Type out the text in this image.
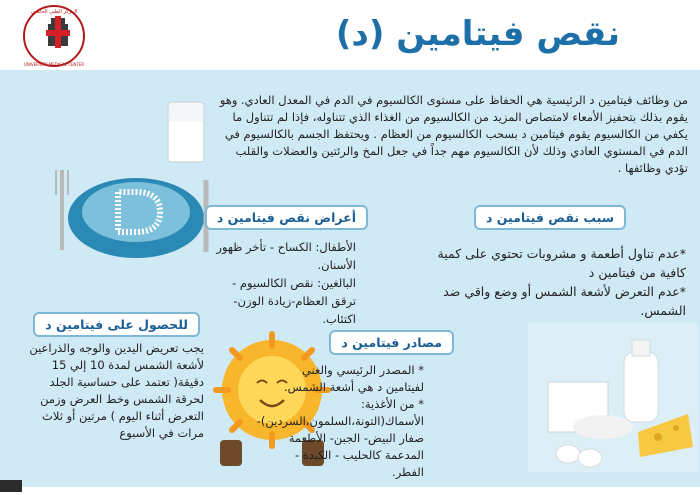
المركز الطبي الجامعي
UNIVERSITY MEDICAL CENTER
نقص فيتامين (د)
من وظائف فيتامين د الرئيسية هي الحفاظ على مستوى الكالسيوم في الدم في المعدل العادي. وهو يقوم بذلك بتحفيز الأمعاء لامتصاص المزيد من الكالسيوم من الغذاء الذي تتناوله، فإذا لم تتناول ما يكفي من الكالسيوم يقوم فيتامين د بسحب الكالسيوم من العظام . ويحتفظ الجسم بالكالسيوم في الدم في المستوي العادي وذلك لأن الكالسيوم مهم جداً في جعل المخ والرئتين والعضلات والقلب تؤدي وظائفها .
سبب نقص فيتامين د
*عدم تناول أطعمة و مشروبات تحتوي على كمية كافية من فيتامين د
*عدم التعرض لأشعة الشمس أو وضع واقي ضد الشمس.
أعراض نقص فيتامين د
الأطفال: الكساح - تأخر ظهور الأسنان.
البالغين: نقص الكالسيوم - ترقق العظام-زيادة الوزن- اكتئاب.
للحصول على فيتامين د
يجب تعريض اليدين والوجه والذراعين لأشعة الشمس لمدة 10 إلي 15 دقيقة( تعتمد على حساسية الجلد لحرقة الشمس وخط العرض وزمن التعرض أثناء اليوم ) مرتين أو ثلاث مرات في الأسبوع
مصادر فيتامين د
* المصدر الرئيسي والغني لفيتامين د هي أشعة الشمس.
* من الأغذية:
الأسماك(التونة،السلمون،السردين)- صفار البيض- الجبن- الأطعمة المدعمة كالحليب - الكبدة - الفطر.
